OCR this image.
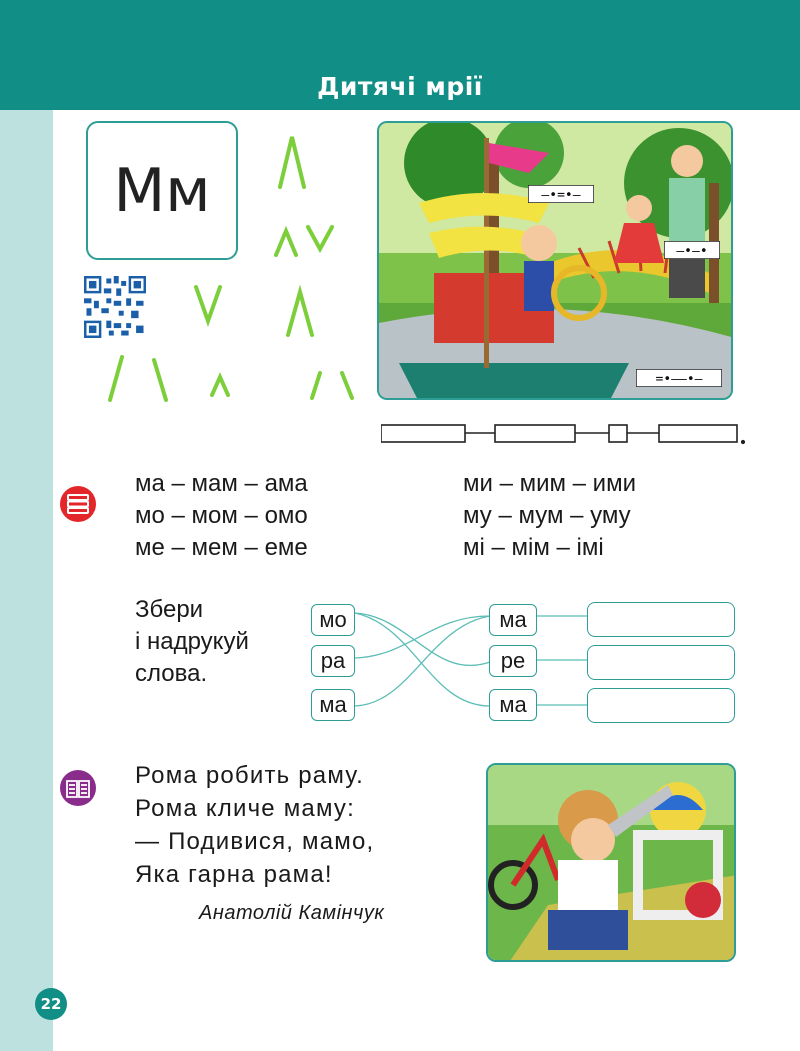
Дитячі мрії
Мм	–•=•–
–•–•
=•––•–
ма – мам – ама
мо – мом – омо
ме – мем – еме
ми – мим – ими
му – мум – уму
мі – мім – імі
Збери
і надрукуй
слова.
мо
ра
ма
ма
ре
ма
Рома робить раму.
Рома кличе маму:
— Подивися, мамо,
Яка гарна рама!
Анатолій Камінчук
22
